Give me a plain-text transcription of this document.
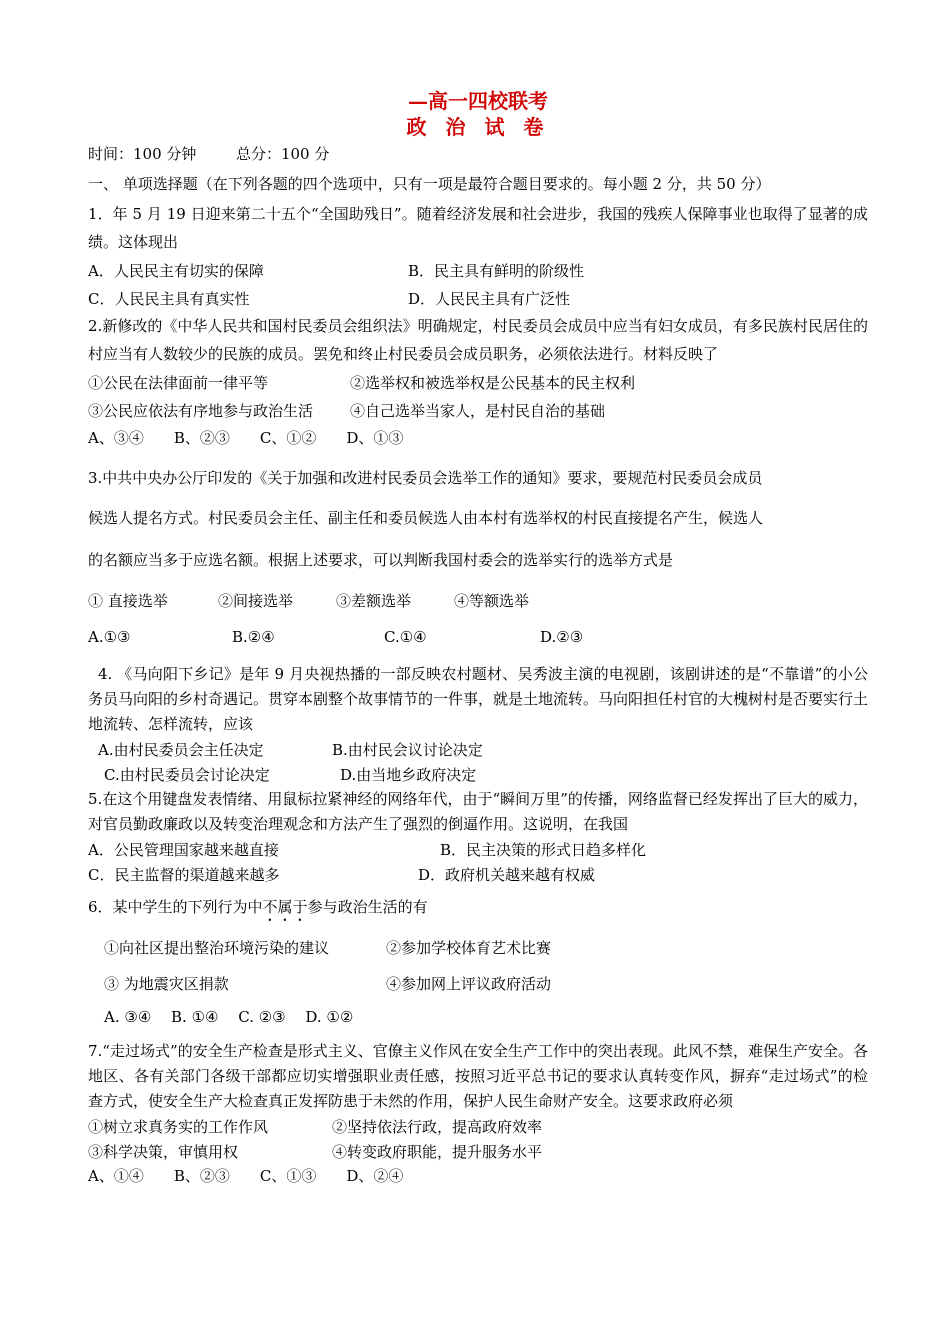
—高一四校联考
政 治 试 卷
时间：100 分钟	总分：100 分
一、 单项选择题（在下列各题的四个选项中，只有一项是最符合题目要求的。每小题 2 分，共 50 分）
1．年 5 月 19 日迎来第二十五个“全国助残日”。随着经济发展和社会进步，我国的残疾人保障事业也取得了显著的成绩。这体现出
A．人民民主有切实的保障	B．民主具有鲜明的阶级性
C．人民民主具有真实性	D．人民民主具有广泛性
2.新修改的《中华人民共和国村民委员会组织法》明确规定，村民委员会成员中应当有妇女成员，有多民族村民居住的村应当有人数较少的民族的成员。罢免和终止村民委员会成员职务，必须依法进行。材料反映了
①公民在法律面前一律平等	②选举权和被选举权是公民基本的民主权利
③公民应依法有序地参与政治生活 ④自己选举当家人，是村民自治的基础
A、③④　　B、②③　　C、①②　　D、①③
3.中共中央办公厅印发的《关于加强和改进村民委员会选举工作的通知》要求，要规范村民委员会成员
候选人提名方式。村民委员会主任、副主任和委员候选人由本村有选举权的村民直接提名产生，候选人
的名额应当多于应选名额。根据上述要求，可以判断我国村委会的选举实行的选举方式是
① 直接选举	②间接选举	③差额选举	④等额选举
A.①③	B.②④	C.①④	D.②③
4. 《马向阳下乡记》是年 9 月央视热播的一部反映农村题材、吴秀波主演的电视剧，该剧讲述的是“不靠谱”的小公务员马向阳的乡村奇遇记。贯穿本剧整个故事情节的一件事，就是土地流转。马向阳担任村官的大槐树村是否要实行土地流转、怎样流转，应该
A.由村民委员会主任决定	B.由村民会议讨论决定
C.由村民委员会讨论决定	D.由当地乡政府决定
5.在这个用键盘发表情绪、用鼠标拉紧神经的网络年代，由于“瞬间万里”的传播，网络监督已经发挥出了巨大的威力，对官员勤政廉政以及转变治理观念和方法产生了强烈的倒逼作用。这说明，在我国
A．公民管理国家越来越直接	B．民主决策的形式日趋多样化
C．民主监督的渠道越来越多	D．政府机关越来越有权威
6．某中学生的下列行为中不属于参与政治生活的有
①向社区提出整治环境污染的建议	②参加学校体育艺术比赛
③ 为地震灾区捐款	④参加网上评议政府活动
A. ③④　 B. ①④　 C. ②③　 D. ①②
7.“走过场式”的安全生产检查是形式主义、官僚主义作风在安全生产工作中的突出表现。此风不禁，难保生产安全。各地区、各有关部门各级干部都应切实增强职业责任感，按照习近平总书记的要求认真转变作风，摒弃“走过场式”的检查方式，使安全生产大检查真正发挥防患于未然的作用，保护人民生命财产安全。这要求政府必须
①树立求真务实的工作作风	②坚持依法行政，提高政府效率
③科学决策，审慎用权	④转变政府职能，提升服务水平
A、①④　　B、②③　　C、①③　　D、②④
